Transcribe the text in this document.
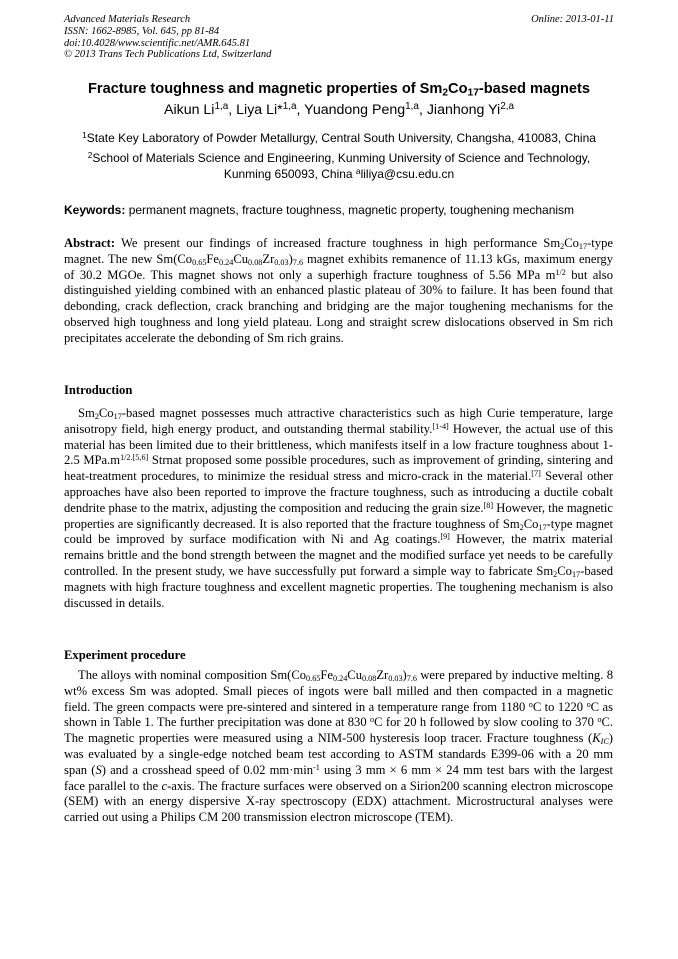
Advanced Materials Research
ISSN: 1662-8985, Vol. 645, pp 81-84
doi:10.4028/www.scientific.net/AMR.645.81
© 2013 Trans Tech Publications Ltd, Switzerland
Online: 2013-01-11
Fracture toughness and magnetic properties of $Sm_2Co_{17}$-based magnets
Aikun Li$^{1,a}$, Liya Li*$^{1,a}$, Yuandong Peng$^{1,a}$, Jianhong Yi$^{2,a}$
$^1$State Key Laboratory of Powder Metallurgy, Central South University, Changsha, 410083, China
$^2$School of Materials Science and Engineering, Kunming University of Science and Technology,
Kunming 650093, China $^a$liliya@csu.edu.cn
Keywords: permanent magnets, fracture toughness, magnetic property, toughening mechanism
Abstract: We present our findings of increased fracture toughness in high performance $Sm_2Co_{17}$-type magnet. The new $Sm(Co_{0.65}Fe_{0.24}Cu_{0.08}Zr_{0.03})_{7.6}$ magnet exhibits remanence of 11.13 kGs, maximum energy of 30.2 MGOe. This magnet shows not only a superhigh fracture toughness of 5.56 MPa $m^{1/2}$ but also distinguished yielding combined with an enhanced plastic plateau of 30% to failure. It has been found that debonding, crack deflection, crack branching and bridging are the major toughening mechanisms for the observed high toughness and long yield plateau. Long and straight screw dislocations observed in Sm rich precipitates accelerate the debonding of Sm rich grains.
Introduction
$Sm_2Co_{17}$-based magnet possesses much attractive characteristics such as high Curie temperature, large anisotropy field, high energy product, and outstanding thermal stability.[1-4] However, the actual use of this material has been limited due to their brittleness, which manifests itself in a low fracture toughness about 1-2.5 $MPa.m^{1/2.[5,6]}$ Strnat proposed some possible procedures, such as improvement of grinding, sintering and heat-treatment procedures, to minimize the residual stress and micro-crack in the material.[7] Several other approaches have also been reported to improve the fracture toughness, such as introducing a ductile cobalt dendrite phase to the matrix, adjusting the composition and reducing the grain size.[8] However, the magnetic properties are significantly decreased. It is also reported that the fracture toughness of $Sm_2Co_{17}$-type magnet could be improved by surface modification with Ni and Ag coatings.[9] However, the matrix material remains brittle and the bond strength between the magnet and the modified surface yet needs to be carefully controlled. In the present study, we have successfully put forward a simple way to fabricate $Sm_2Co_{17}$-based magnets with high fracture toughness and excellent magnetic properties. The toughening mechanism is also discussed in details.
Experiment procedure
The alloys with nominal composition $Sm(Co_{0.65}Fe_{0.24}Cu_{0.08}Zr_{0.03})_{7.6}$ were prepared by inductive melting. 8 wt% excess Sm was adopted. Small pieces of ingots were ball milled and then compacted in a magnetic field. The green compacts were pre-sintered and sintered in a temperature range from 1180 $^o$C to 1220 $^o$C as shown in Table 1. The further precipitation was done at 830 $^o$C for 20 h followed by slow cooling to 370 $^o$C. The magnetic properties were measured using a NIM-500 hysteresis loop tracer. Fracture toughness $(K_{IC})$ was evaluated by a single-edge notched beam test according to ASTM standards E399-06 with a 20 mm span (S) and a crosshead speed of 0.02 $mm\cdot\min^{-1}$ using 3 mm × 6 mm × 24 mm test bars with the largest face parallel to the c-axis. The fracture surfaces were observed on a Sirion200 scanning electron microscope (SEM) with an energy dispersive X-ray spectroscopy (EDX) attachment. Microstructural analyses were carried out using a Philips CM 200 transmission electron microscope (TEM).
